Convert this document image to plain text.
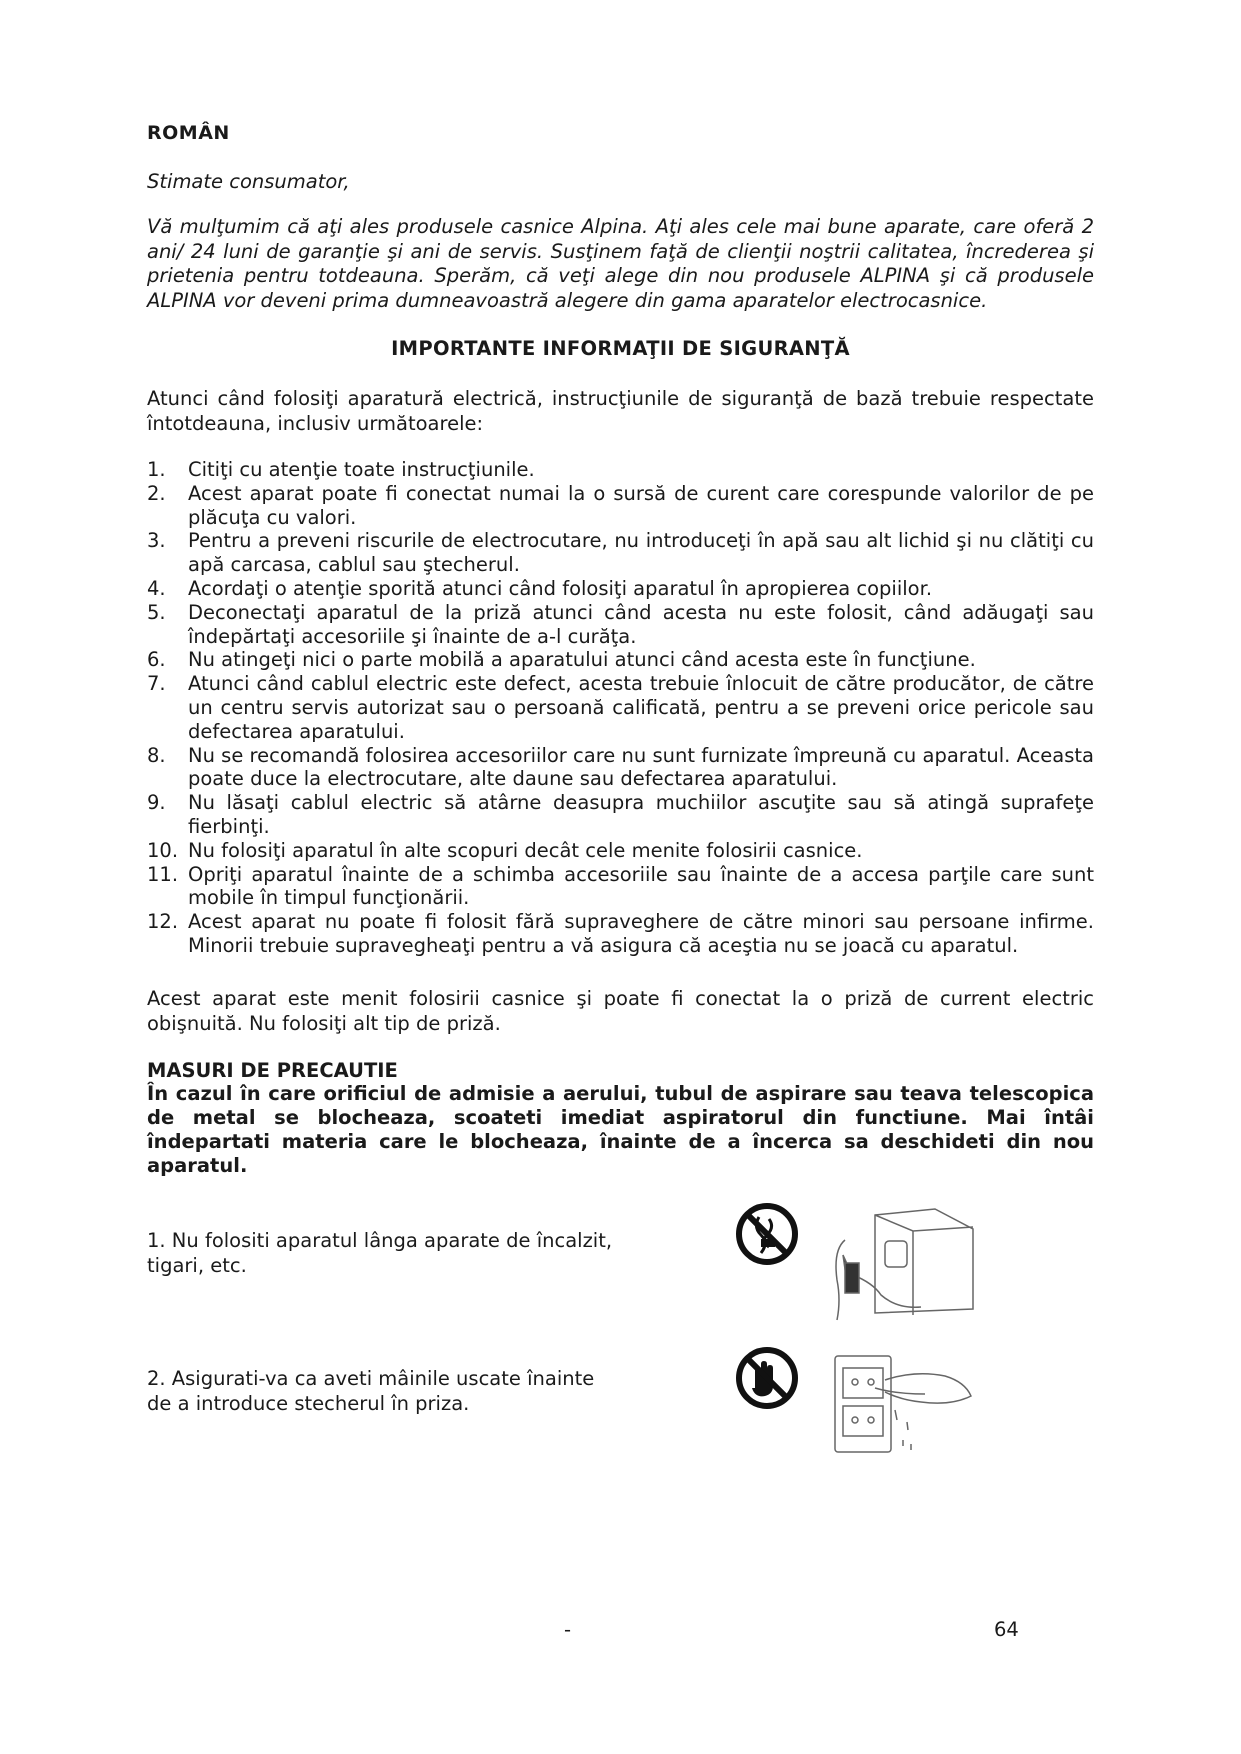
ROMÂN
Stimate consumator,
Vă mulţumim că aţi ales produsele casnice Alpina. Aţi ales cele mai bune aparate, care oferă 2 ani/ 24 luni de garanţie şi ani de servis. Susţinem faţă de clienţii noştrii calitatea, încrederea şi prietenia pentru totdeauna. Sperăm, că veţi alege din nou produsele ALPINA şi că produsele ALPINA vor deveni prima dumneavoastră alegere din gama aparatelor electrocasnice.
IMPORTANTE INFORMAŢII DE SIGURANŢĂ
Atunci când folosiţi aparatură electrică, instrucţiunile de siguranţă de bază trebuie respectate întotdeauna, inclusiv următoarele:
1. Citiţi cu atenţie toate instrucţiunile.
2. Acest aparat poate fi conectat numai la o sursă de curent care corespunde valorilor de pe plăcuţa cu valori.
3. Pentru a preveni riscurile de electrocutare, nu introduceţi în apă sau alt lichid şi nu clătiţi cu apă carcasa, cablul sau ştecherul.
4. Acordaţi o atenţie sporită atunci când folosiţi aparatul în apropierea copiilor.
5. Deconectaţi aparatul de la priză atunci când acesta nu este folosit, când adăugaţi sau îndepărtaţi accesoriile şi înainte de a-l curăţa.
6. Nu atingeţi nici o parte mobilă a aparatului atunci când acesta este în funcţiune.
7. Atunci când cablul electric este defect, acesta trebuie înlocuit de către producător, de către un centru servis autorizat sau o persoană calificată, pentru a se preveni orice pericole sau defectarea aparatului.
8. Nu se recomandă folosirea accesoriilor care nu sunt furnizate împreună cu aparatul. Aceasta poate duce la electrocutare, alte daune sau defectarea aparatului.
9. Nu lăsaţi cablul electric să atârne deasupra muchiilor ascuţite sau să atingă suprafeţe fierbinţi.
10. Nu folosiţi aparatul în alte scopuri decât cele menite folosirii casnice.
11. Opriţi aparatul înainte de a schimba accesoriile sau înainte de a accesa parţile care sunt mobile în timpul funcţionării.
12. Acest aparat nu poate fi folosit fără supraveghere de către minori sau persoane infirme. Minorii trebuie supravegheaţi pentru a vă asigura că aceştia nu se joacă cu aparatul.
Acest aparat este menit folosirii casnice şi poate fi conectat la o priză de current electric obişnuită. Nu folosiţi alt tip de priză.
MASURI DE PRECAUTIE
În cazul în care orificiul de admisie a aerului, tubul de aspirare sau teava telescopica de metal se blocheaza, scoateti imediat aspiratorul din functiune. Mai întâi îndepartati materia care le blocheaza, înainte de a încerca sa deschideti din nou aparatul.
1. Nu folositi aparatul lânga aparate de încalzit, tigari, etc.
2. Asigurati-va ca aveti mâinile uscate înainte de a introduce stecherul în priza.
-	64
